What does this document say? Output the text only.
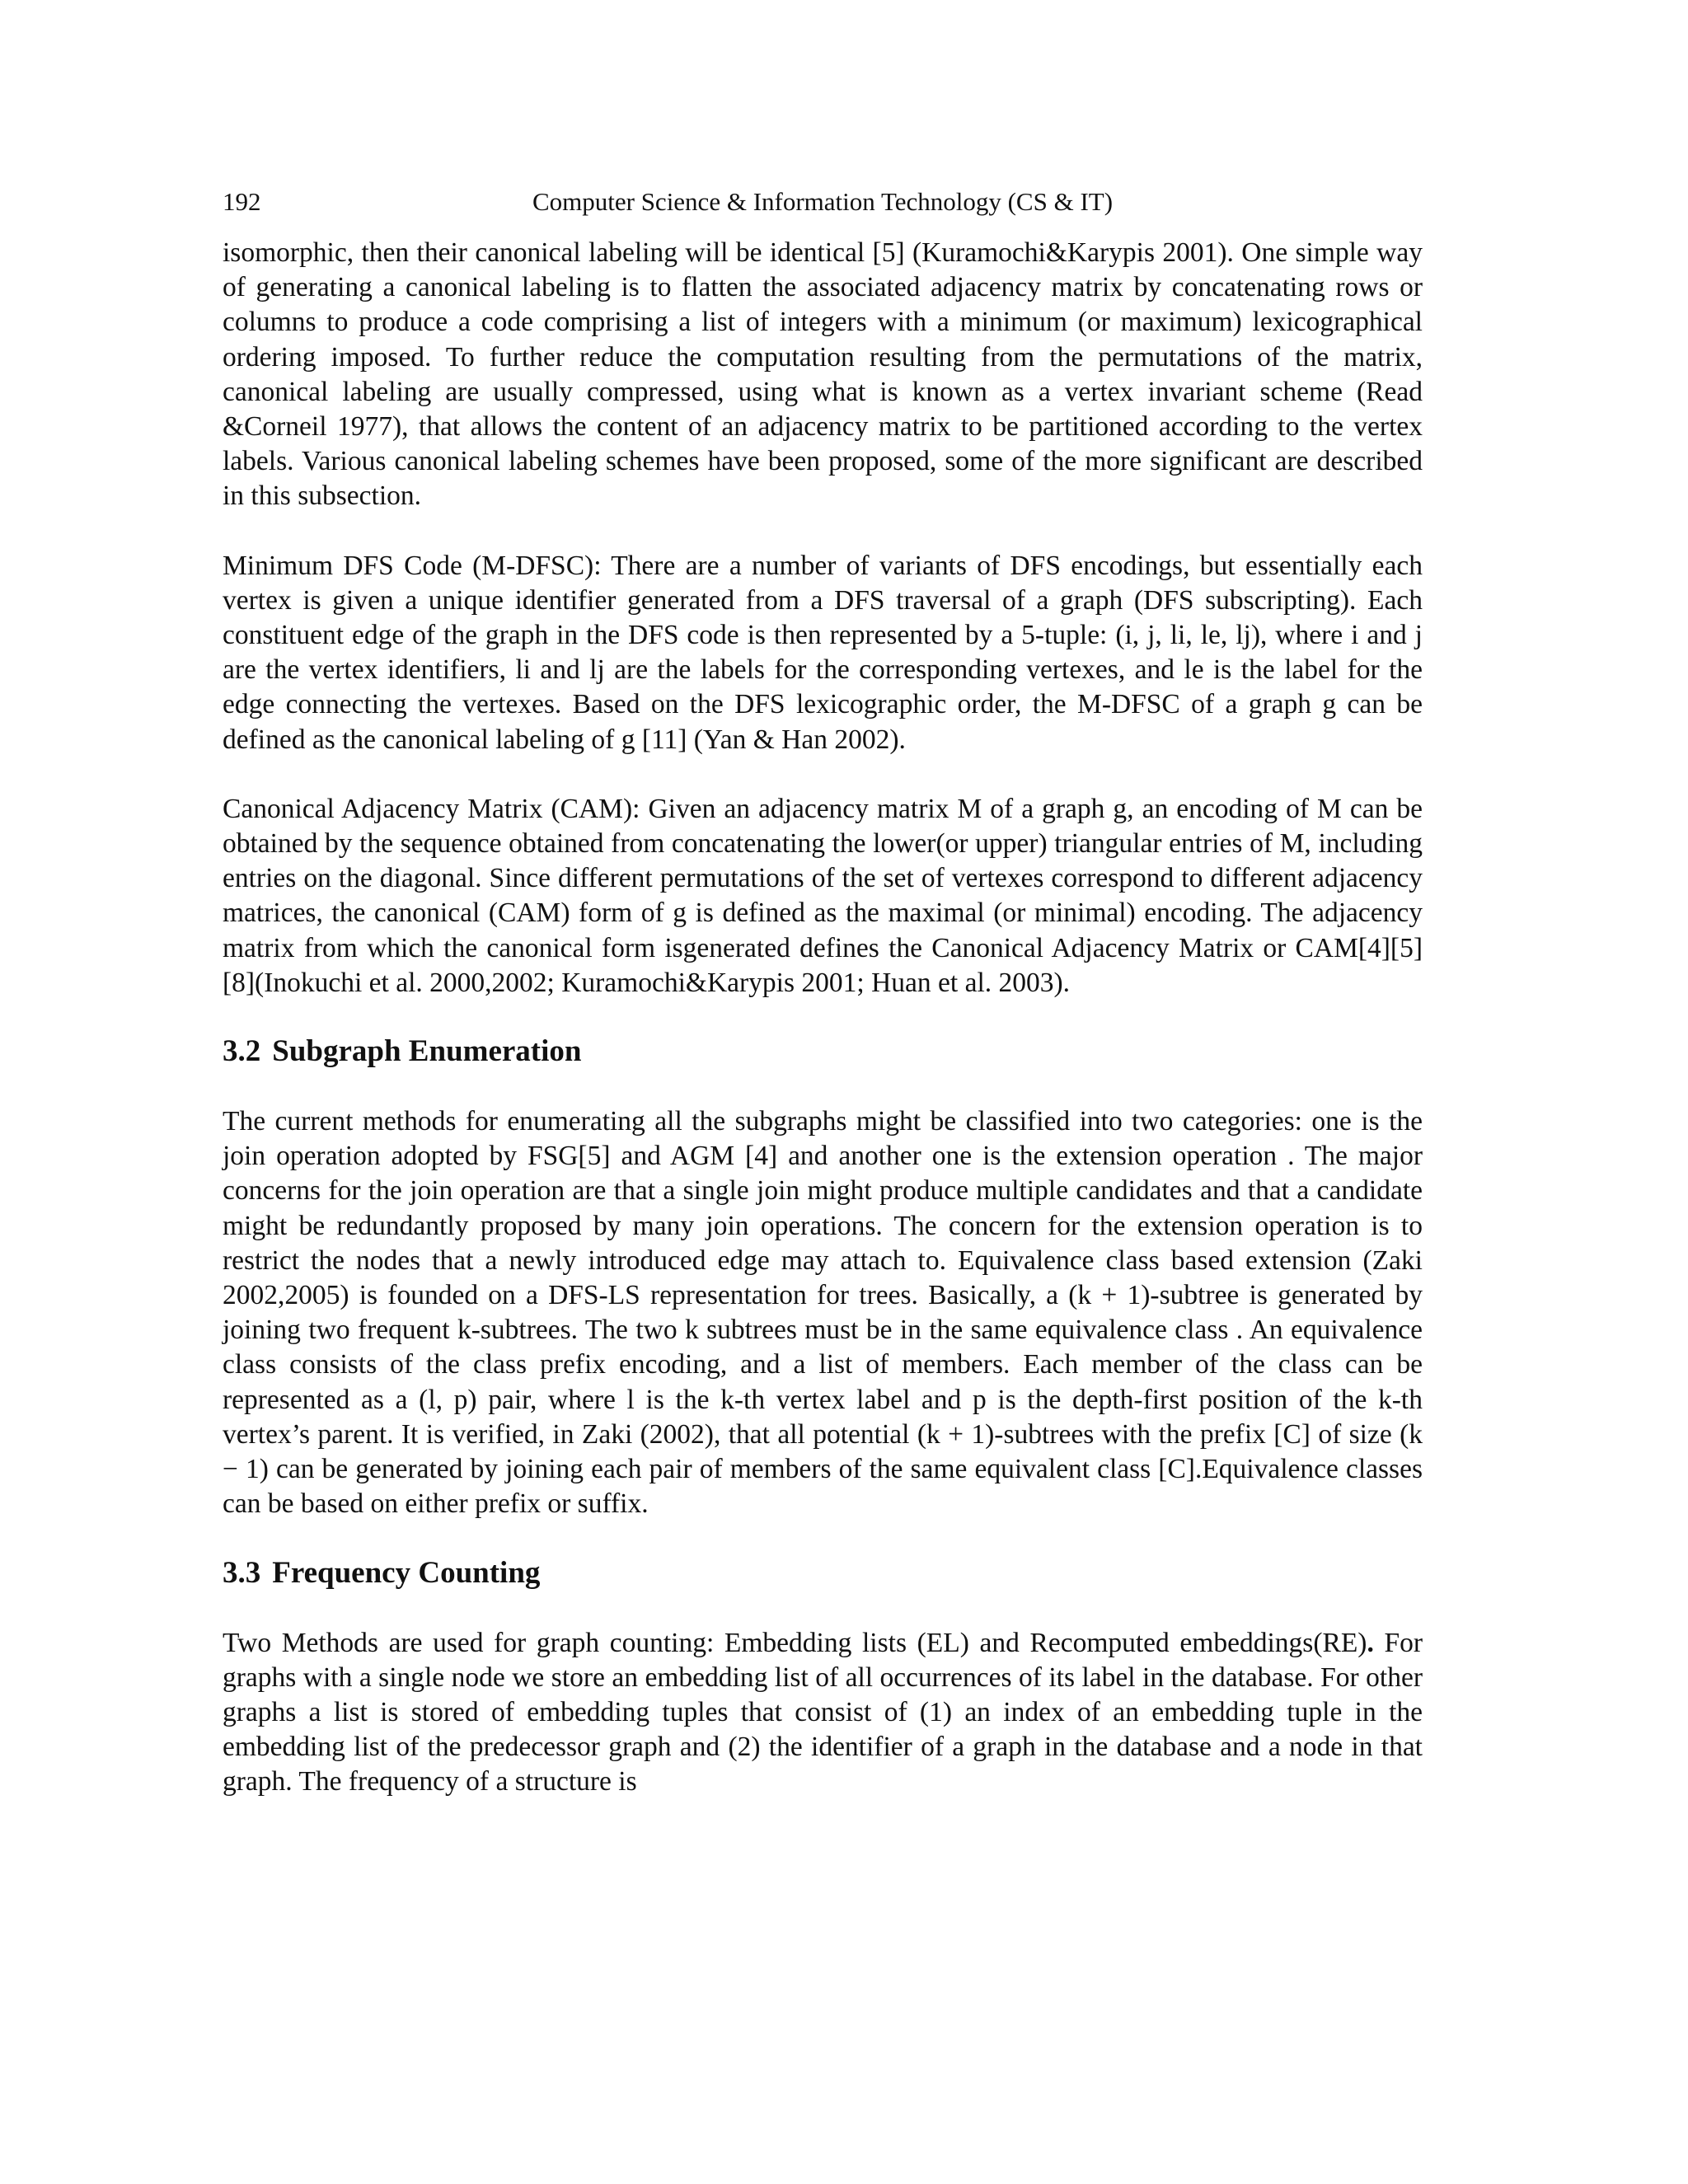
192	Computer Science & Information Technology (CS & IT)

isomorphic, then their canonical labeling will be identical [5] (Kuramochi&Karypis 2001). One simple way of generating a canonical labeling is to flatten the associated adjacency matrix by concatenating rows or columns to produce a code comprising a list of integers with a minimum (or maximum) lexicographical ordering imposed. To further reduce the computation resulting from the permutations of the matrix, canonical labeling are usually compressed, using what is known as a vertex invariant scheme (Read &Corneil 1977), that allows the content of an adjacency matrix to be partitioned according to the vertex labels. Various canonical labeling schemes have been proposed, some of the more significant are described in this subsection.

Minimum DFS Code (M-DFSC): There are a number of variants of DFS encodings, but essentially each vertex is given a unique identifier generated from a DFS traversal of a graph (DFS subscripting). Each constituent edge of the graph in the DFS code is then represented by a 5-tuple: (i, j, li, le, lj), where i and j are the vertex identifiers, li and lj are the labels for the corresponding vertexes, and le is the label for the edge connecting the vertexes. Based on the DFS lexicographic order, the M-DFSC of a graph g can be defined as the canonical labeling of g [11] (Yan & Han 2002).

Canonical Adjacency Matrix (CAM): Given an adjacency matrix M of a graph g, an encoding of M can be obtained by the sequence obtained from concatenating the lower(or upper) triangular entries of M, including entries on the diagonal. Since different permutations of the set of vertexes correspond to different adjacency matrices, the canonical (CAM) form of g is defined as the maximal (or minimal) encoding. The adjacency matrix from which the canonical form isgenerated defines the Canonical Adjacency Matrix or CAM[4][5][8](Inokuchi et al. 2000,2002; Kuramochi&Karypis 2001; Huan et al. 2003).

3.2 Subgraph Enumeration

The current methods for enumerating all the subgraphs might be classified into two categories: one is the join operation adopted by FSG[5] and AGM [4] and another one is the extension operation . The major concerns for the join operation are that a single join might produce multiple candidates and that a candidate might be redundantly proposed by many join operations. The concern for the extension operation is to restrict the nodes that a newly introduced edge may attach to. Equivalence class based extension (Zaki 2002,2005) is founded on a DFS-LS representation for trees. Basically, a (k + 1)-subtree is generated by joining two frequent k-subtrees. The two k subtrees must be in the same equivalence class . An equivalence class consists of the class prefix encoding, and a list of members. Each member of the class can be represented as a (l, p) pair, where l is the k-th vertex label and p is the depth-first position of the k-th vertex’s parent. It is verified, in Zaki (2002), that all potential (k + 1)-subtrees with the prefix [C] of size (k − 1) can be generated by joining each pair of members of the same equivalent class [C].Equivalence classes can be based on either prefix or suffix.

3.3 Frequency Counting

Two Methods are used for graph counting: Embedding lists (EL) and Recomputed embeddings(RE). For graphs with a single node we store an embedding list of all occurrences of its label in the database. For other graphs a list is stored of embedding tuples that consist of (1) an index of an embedding tuple in the embedding list of the predecessor graph and (2) the identifier of a graph in the database and a node in that graph. The frequency of a structure is
